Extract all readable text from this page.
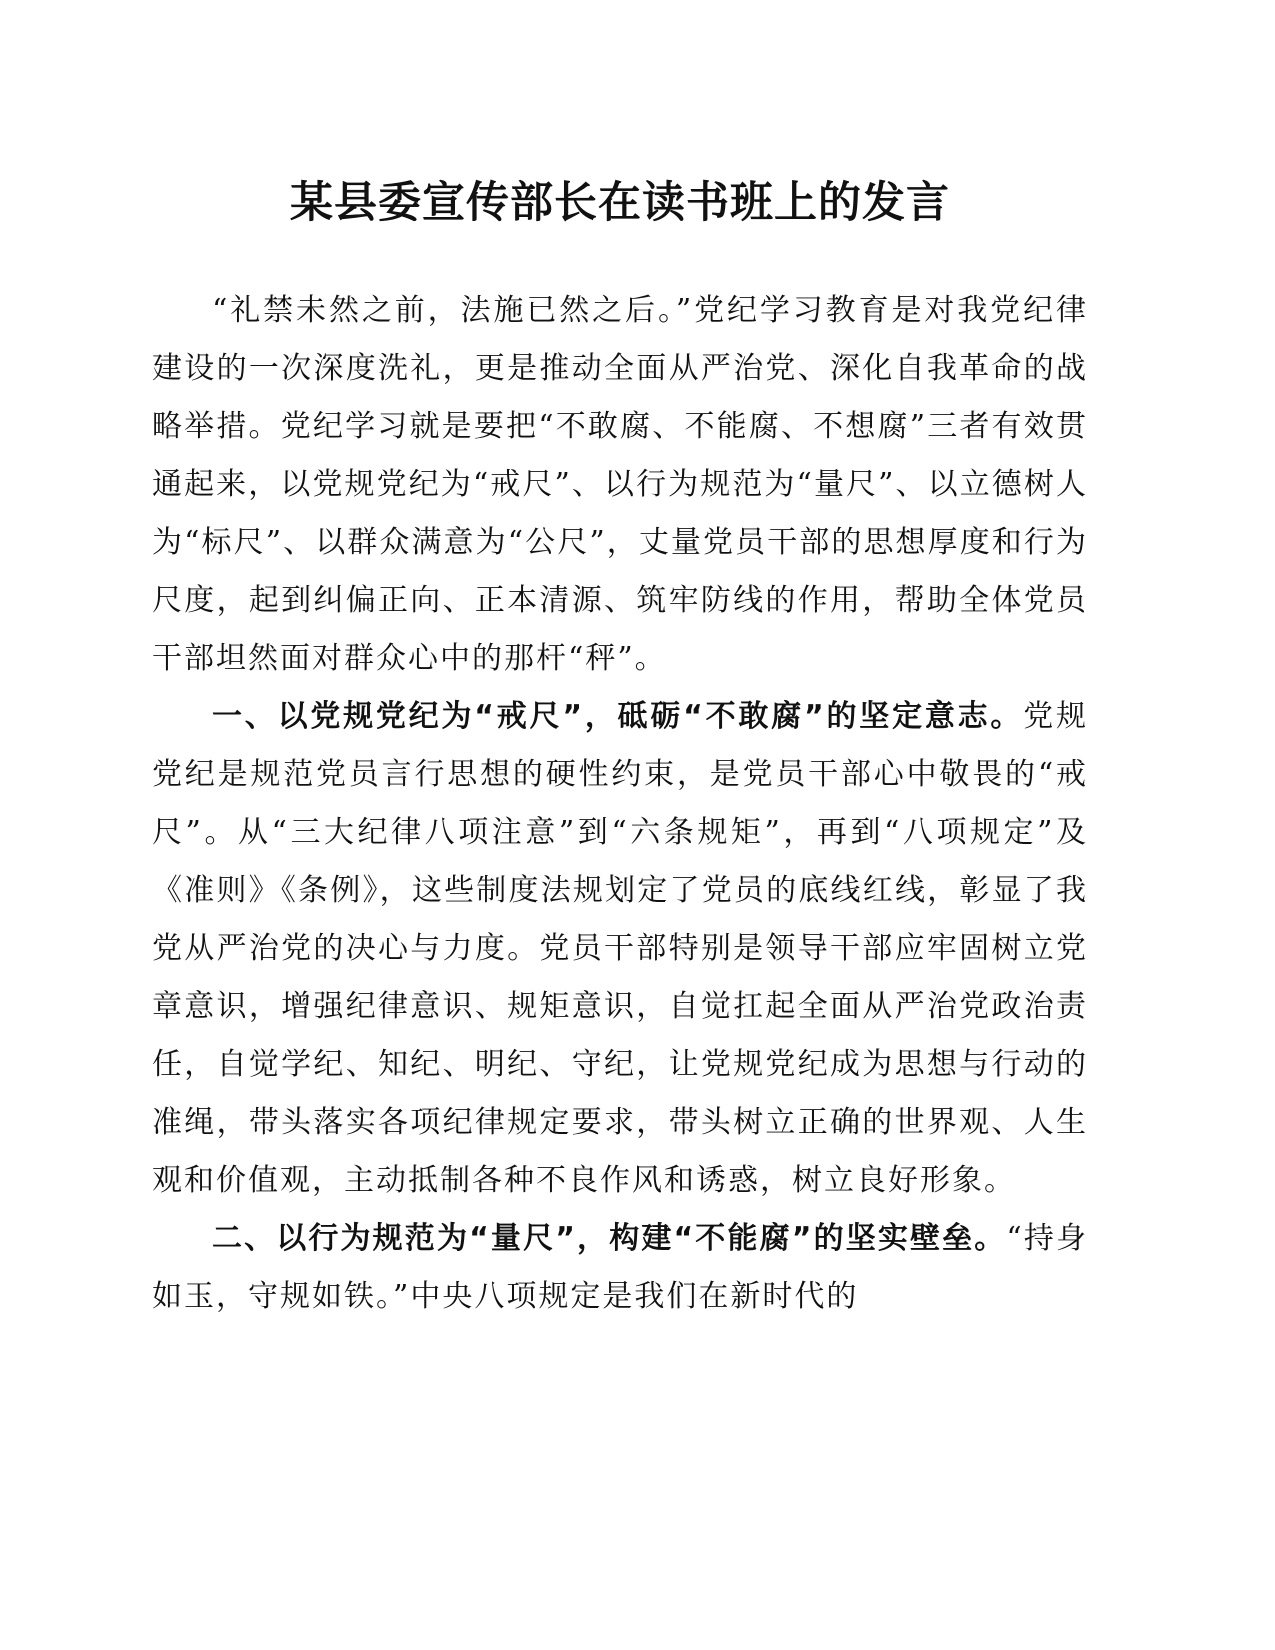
某县委宣传部长在读书班上的发言

“礼禁未然之前，法施已然之后。”党纪学习教育是对我党纪律建设的一次深度洗礼，更是推动全面从严治党、深化自我革命的战略举措。党纪学习就是要把“不敢腐、不能腐、不想腐”三者有效贯通起来，以党规党纪为“戒尺”、以行为规范为“量尺”、以立德树人为“标尺”、以群众满意为“公尺”，丈量党员干部的思想厚度和行为尺度，起到纠偏正向、正本清源、筑牢防线的作用，帮助全体党员干部坦然面对群众心中的那杆“秤”。

一、以党规党纪为“戒尺”，砥砺“不敢腐”的坚定意志。党规党纪是规范党员言行思想的硬性约束，是党员干部心中敬畏的“戒尺”。从“三大纪律八项注意”到“六条规矩”，再到“八项规定”及《准则》《条例》，这些制度法规划定了党员的底线红线，彰显了我党从严治党的决心与力度。党员干部特别是领导干部应牢固树立党章意识，增强纪律意识、规矩意识，自觉扛起全面从严治党政治责任，自觉学纪、知纪、明纪、守纪，让党规党纪成为思想与行动的准绳，带头落实各项纪律规定要求，带头树立正确的世界观、人生观和价值观，主动抵制各种不良作风和诱惑，树立良好形象。

二、以行为规范为“量尺”，构建“不能腐”的坚实壁垒。“持身如玉，守规如铁。”中央八项规定是我们在新时代的
